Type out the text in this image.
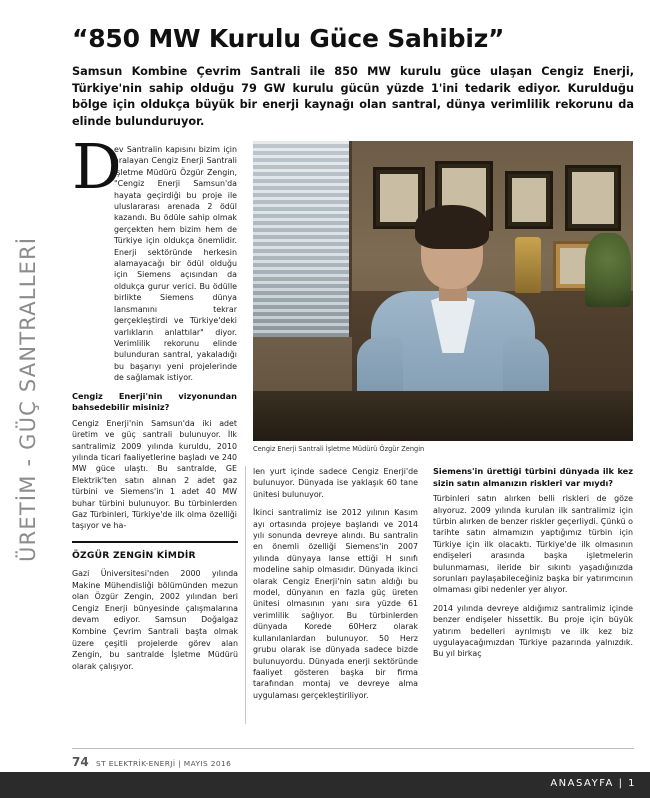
ÜRETİM - GÜÇ SANTRALLERİ
“850 MW Kurulu Güce Sahibiz”
Samsun Kombine Çevrim Santrali ile 850 MW kurulu güce ulaşan Cengiz Enerji, Türkiye'nin sahip olduğu 79 GW kurulu gücün yüzde 1'ini tedarik ediyor. Kurulduğu bölge için oldukça büyük bir enerji kaynağı olan santral, dünya verimlilik rekorunu da elinde bulunduruyor.
D

ev Santralin kapısını bizim için aralayan Cengiz Enerji Santrali İşletme Müdürü Özgür Zengin, "Cengiz Enerji Samsun'da hayata geçirdiği bu proje ile uluslararası arenada 2 ödül kazandı. Bu ödüle sahip olmak gerçekten hem bizim hem de Türkiye için oldukça önemlidir. Enerji sektöründe herkesin alamayacağı bir ödül olduğu için Siemens açısından da oldukça gurur verici. Bu ödülle birlikte Siemens dünya lansmanını tekrar gerçekleştirdi ve Türkiye'deki varlıkların anlattılar" diyor. Verimlilik rekorunu elinde bulunduran santral, yakaladığı bu başarıyı yeni projelerinde de sağlamak istiyor.

Cengiz Enerji'nin vizyonundan bahsedebilir misiniz?

Cengiz Enerji'nin Samsun'da iki adet üretim ve güç santrali bulunuyor. İlk santralimiz 2009 yılında kuruldu, 2010 yılında ticari faaliyetlerine başladı ve 240 MW güce ulaştı. Bu santralde, GE Elektrik'ten satın alınan 2 adet gaz türbini ve Siemens'in 1 adet 40 MW buhar türbini bulunuyor. Bu türbinlerden Gaz Türbinleri, Türkiye'de ilk olma özelliği taşıyor ve ha-

Cengiz Enerji Santrali İşletme Müdürü Özgür Zengin

len yurt içinde sadece Cengiz Enerji'de bulunuyor. Dünyada ise yaklaşık 60 tane ünitesi bulunuyor.

İkinci santralimiz ise 2012 yılının Kasım ayı ortasında projeye başlandı ve 2014 yılı sonunda devreye alındı. Bu santralin en önemli özelliği Siemens'in 2007 yılında dünyaya lanse ettiği H sınıfı modeline sahip olmasıdır. Dünyada ikinci olarak Cengiz Enerji'nin satın aldığı bu model, dünyanın en fazla güç üreten ünitesi olmasının yanı sıra yüzde 61 verimlilik sağlıyor. Bu türbinlerden dünyada Korede 60Herz olarak kullanılanlardan bulunuyor. 50 Herz grubu olarak ise dünyada sadece bizde bulunuyordu. Dünyada enerji sektöründe faaliyet gösteren başka bir firma tarafından montaj ve devreye alma uygulaması gerçekleştiriliyor.

Siemens'in ürettiği türbini dünyada ilk kez sizin satın almanızın riskleri var mıydı?

Türbinleri satın alırken belli riskleri de göze alıyoruz. 2009 yılında kurulan ilk santralimiz için türbin alırken de benzer riskler geçerliydi. Çünkü o tarihte satın almamızın yaptığımız türbin için Türkiye için ilk olacaktı. Türkiye'de ilk olmasının endişeleri arasında başka işletmelerin bulunmaması, ileride bir sıkıntı yaşadığınızda sorunları paylaşabileceğiniz başka bir yatırımcının olmaması gibi nedenler yer alıyor.

2014 yılında devreye aldığımız santralimiz içinde benzer endişeler hissettik. Bu proje için büyük yatırım bedelleri ayrılmıştı ve ilk kez biz uygulayacağımızdan Türkiye pazarında yalnızdık. Bu yıl birkaç

ÖZGÜR ZENGİN KİMDİR

Gazi Üniversitesi'nden 2000 yılında Makine Mühendisliği bölümünden mezun olan Özgür Zengin, 2002 yılından beri Cengiz Enerji bünyesinde çalışmalarına devam ediyor. Samsun Doğalgaz Kombine Çevrim Santrali başta olmak üzere çeşitli projelerde görev alan Zengin, bu santralde İşletme Müdürü olarak çalışıyor.

74 ST ELEKTRİK-ENERJİ | MAYIS 2016
ANASAYFA | 1
